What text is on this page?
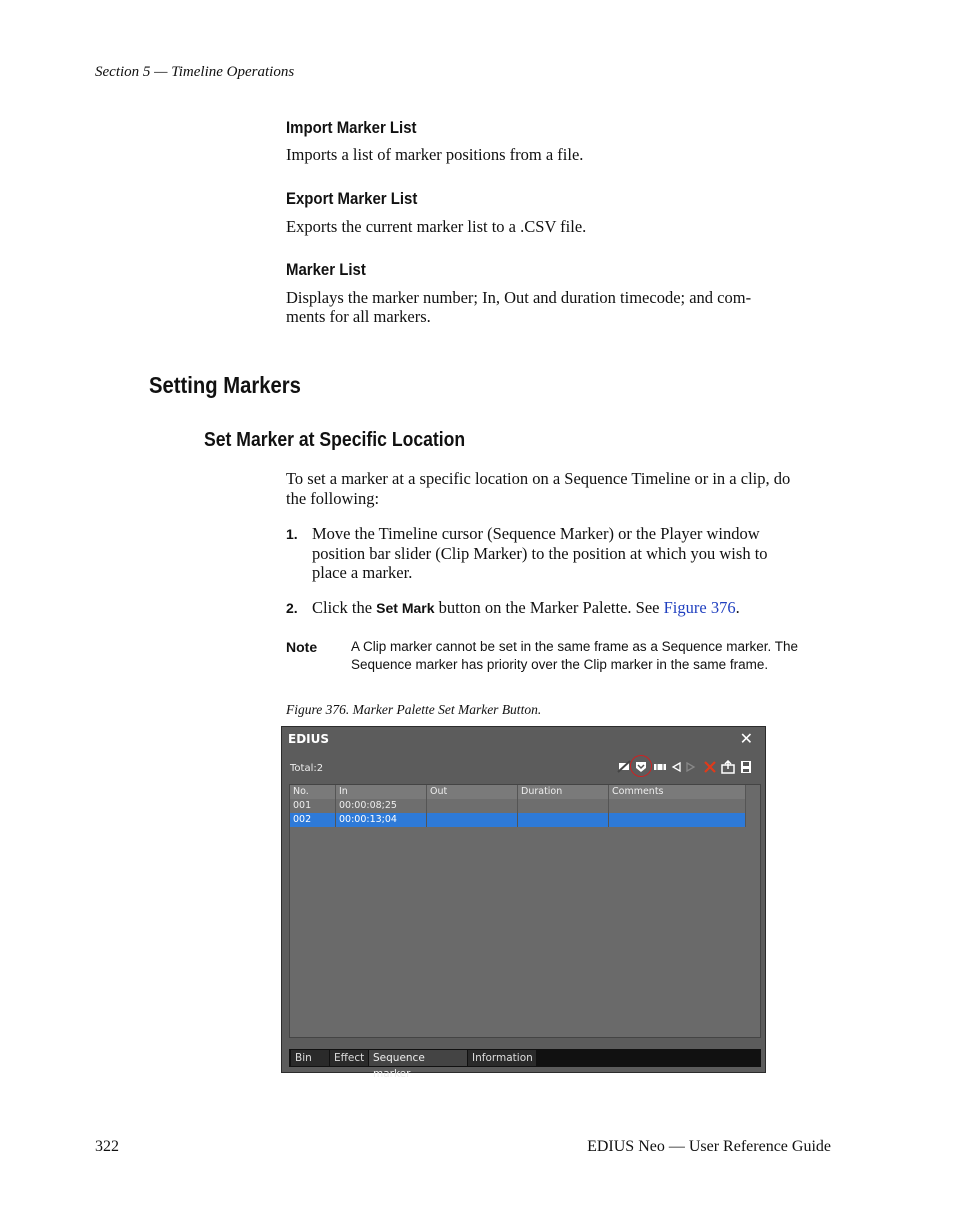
Section 5 — Timeline Operations
Import Marker List
Imports a list of marker positions from a file.
Export Marker List
Exports the current marker list to a .CSV file.
Marker List
Displays the marker number; In, Out and duration timecode; and com-
ments for all markers.
Setting Markers
Set Marker at Specific Location
To set a marker at a specific location on a Sequence Timeline or in a clip, do
the following:
1. Move the Timeline cursor (Sequence Marker) or the Player window
position bar slider (Clip Marker) to the position at which you wish to
place a marker.
2. Click the Set Mark button on the Marker Palette. See Figure 376.
Note	A Clip marker cannot be set in the same frame as a Sequence marker. The
Sequence marker has priority over the Clip marker in the same frame.
Figure 376. Marker Palette Set Marker Button.
EDIUS	✕
Total:2
No.	In	Out	Duration	Comments
001	00:00:08;25
002	00:00:13;04
Bin	Effect Sequence marker
Information
322	EDIUS Neo — User Reference Guide
